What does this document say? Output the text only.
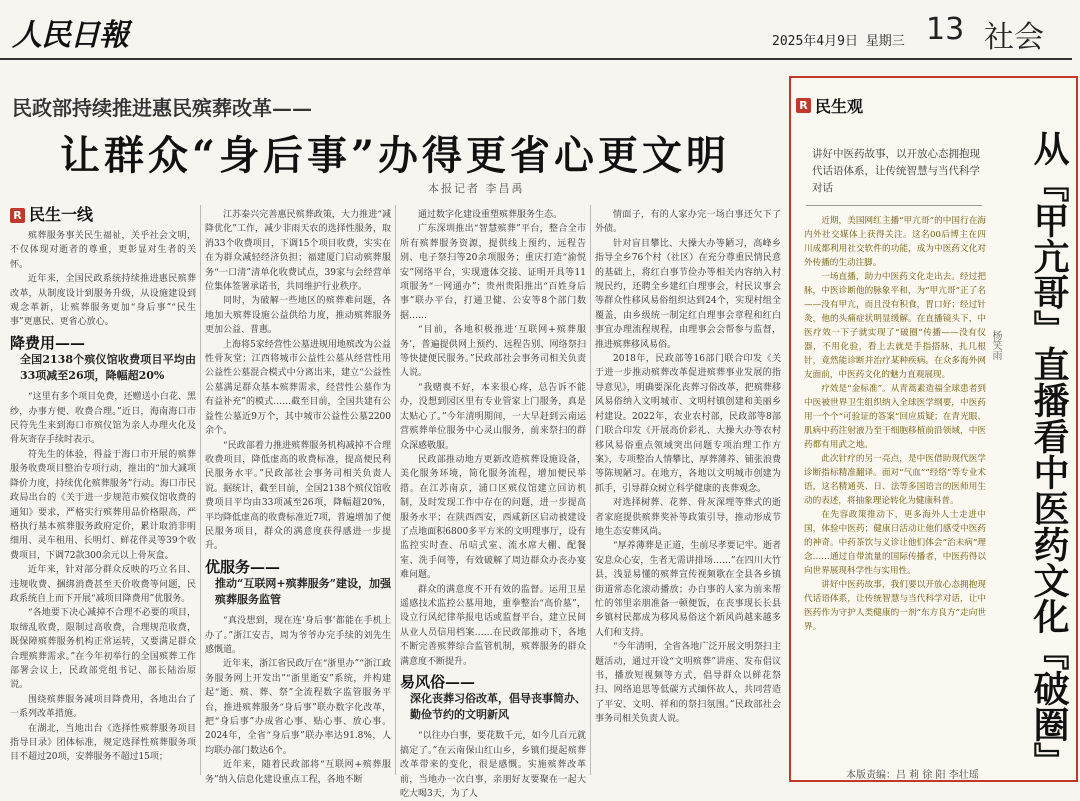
人民日報	2025年4月9日 星期三 13 社会
民政部持续推进惠民殡葬改革——
让群众“身后事”办得更省心更文明
本报记者 李昌禹
R 民生一线

殡葬服务事关民生福祉，关乎社会文明，不仅体现对逝者的尊重，更彰显对生者的关怀。

近年来，全国民政系统持续推进惠民殡葬改革，从制度设计到服务升级，从设施建设到观念革新，让殡葬服务更加“身后事”“民生事”更惠民、更省心放心。

降费用——
全国2138个殡仪馆收费项目平均由33项减至26项，降幅超20%

“这里有多个项目免费，还赠送小白花、黑纱，办事方便、收费合理。”近日，海南海口市民符先生来到海口市殡仪馆为亲人办理火化及骨灰寄存手续时表示。

符先生的体验，得益于海口市开展的殡葬服务收费项目整治专项行动，推出的“加大减项降价力度，持续优化殡葬服务”行动。海口市民政局出台的《关于进一步规范市殡仪馆收费的通知》要求，严格实行殡葬用品价格限高，严格执行基本殡葬服务政府定价，累计取消非明细用、灵车租用、长明灯、鲜花伴灵等39个收费项目，下调72款300余元以上骨灰盒。

近年来，针对部分群众反映的巧立名目、违规收费、捆绑消费甚至天价收费等问题，民政系统自上而下开展“减项目降费用”优服务。

“各地要下决心减掉不合理不必要的项目，取缔乱收费，限制过高收费，合理规范收费，既保障殡葬服务机构正常运转，又要满足群众合理殡葬需求。”在今年初举行的全国殡葬工作部署会议上，民政部党组书记、部长陆治原说。

围绕殡葬服务减项目降费用，各地出台了一系列改革措施。

在湖北，当地出台《选择性殡葬服务项目指导目录》团体标准，规定选择性殡葬服务项目不超过20项，安葬服务不超过15项；

江苏泰兴完善惠民殡葬政策，大力推进“减降优化”工作，减少非雨天农的选择性服务，取消33个收费项目，下调15个项目收费，实实在在为群众减轻经济负担；福建厦门启动殡葬服务“一口清”清单化收费试点，39家与会经营单位集体签署承诺书，共同维护行业秩序。

同时，为破解一些地区的殡葬难问题，各地加大殡葬设施公益供给力度，推动殡葬服务更加公益、普惠。

上海将5家经营性公墓进规用地殡改为公益性骨灰堂；江西将城市公益性公墓从经营性用公益性公墓混合模式中分离出来，建立“公益性公墓满足群众基本殡葬需求，经营性公墓作为有益补充”的模式……截至目前，全国共建有公益性公墓近9万个，其中城市公益性公墓2200余个。

“民政部着力推进殡葬服务机构减掉不合理收费项目，降低虚高的收费标准，提高便民利民服务水平。”民政部社会事务司相关负责人说。据统计，截至目前，全国2138个殡仪馆收费项目平均由33项减至26项，降幅超20%，平均降低虚高的收费标准近7项，普遍增加了便民服务项目，群众的满意度获得感进一步提升。

优服务——
推动“互联网+殡葬服务”建设，加强殡葬服务监管

“真没想到，现在连‘身后事’都能在手机上办了。”浙江安吉，周为爷爷办完手续的刘先生感慨道。

近年来，浙江省民政厅在“浙里办”“浙江政务服务网上开发出”“浙里逝安”系统，并构建起“逝、殡、葬、祭”全流程数字监管服务平台，推进殡葬服务“身后事”联办数字化改革，把“身后事”办成省心事、贴心事、放心事。2024年，全省“身后事”联办率达91.8%，人均联办部门数达6个。

近年来，随着民政部将“互联网+殡葬服务”纳入信息化建设重点工程，各地不断

通过数字化建设重塑殡葬服务生态。

广东深圳推出“智慧殡葬”平台，整合全市所有殡葬服务资源，提供线上预约、远程告别、电子祭扫等20余项服务；重庆打造“渝悦安”网络平台，实现遗体交接、证明开具等11项服务“一网通办”；贵州贵阳推出“百姓身后事”联办平台，打通卫健、公安等8个部门数据……

“目前，各地积极推进‘互联网+殡葬服务’，普遍提供网上预约、远程告别、网络祭扫等快捷便民服务。”民政部社会事务司相关负责人说。

“我赌喪不好，本来很心疼，总告诉不能办，没想到园区里有专业管家上门服务，真是太贴心了。”今年清明期间，一大早赶到云南运营殡葬单位服务中心灵山服务，前来祭扫的群众深感敬服。

民政部推动地方更新改造殡葬设施设备，美化服务环境，简化服务流程，增加便民举措。在江苏南京，浦口区殡仪馆建立回访机制，及时发现工作中存在的问题，进一步提高服务水平；在陕西西安，西咸新区启动被建设了点地面积6800多平方米的文明理事厅，设有监控实时查、吊唁式室、流水席大棚、配餐室、洗手间等，有效破解了周边群众办丧办宴难问题。

群众的满意度不开有效的监督。运用卫星遥感技术监控公墓用地，重拳整治“高价墓”，设立行风纪律举报电话或监督平台，建立民间从业人员信用档案……在民政部推动下，各地不断完善殡葬综合监管机制，殡葬服务的群众满意度不断提升。

易风俗——
深化丧葬习俗改革，倡导丧事简办、勤俭节约的文明新风

“以往办白事，要花数千元，如今几百元就搞定了。”在云南保山红山乡，乡镇们提起殡葬改革带来的变化，很是感慨。实施殡葬改革前，当地办一次白事，亲朋好友要聚在一起大吃大喝3天，为了人

情面子，有的人家办完一场白事还欠下了外债。

针对盲目攀比、大操大办等陋习，高峰乡指导全乡76个村（社区）在充分尊重民情民意的基础上，将红白事节俭办等相关内容纳入村规民约，还聘全乡建红白理事会，村民议事会等群众性移风易俗组织达到24个，实现村组全覆盖，由乡级统一制定红白理事会章程和红白事宜办理流程规程，由理事会会帮参与监督，推进殡葬移风易俗。

2018年，民政部等16部门联合印发《关于进一步推动殡葬改革促进殡葬事业发展的指导意见》，明确要深化丧葬习俗改革，把殡葬移风易俗纳入文明城市、文明村镇创建和美丽乡村建设。2022年，农业农村部，民政部等8部门联合印发《开展高价彩礼、大操大办等农村移风易俗重点领域突出问题专项治理工作方案》，专项整治人情攀比、厚葬薄养、铺张浪费等陈规陋习。在地方，各地以文明城市创建为抓手，引导群众树立科学健康的丧葬观念。

对选择树葬、花葬、骨灰深埋等葬式的逝者家庭提供殡葬奖补等政策引导，推动形成节地生态安葬风尚。

“厚养薄葬是正道，生前尽孝要记牢。逝者安息众心安，生者无需讲排场……”在四川大竹县，浅显易懂的殡葬宣传视频歌在全县各乡镇街道常态化滚动播放；办白事的人家为前来帮忙的邻里亲朋准备一顿便饭，在丧事现长长县乡镇村民都成为移风易俗这个新风尚越来越多人们和支持。

“今年清明，全省各地广泛开展文明祭扫主题活动，通过开设“文明殡葬”讲座、发布倡议书，播放短视频等方式，倡导群众以鲜花祭扫、网络追思等低碳方式缅怀故人，共同营造了平安、文明、祥和的祭扫氛围。”民政部社会事务司相关负责人说。

R 民生观
从『甲亢哥』直播看中医药文化『破圈』
杨笑雨
讲好中医药故事，以开放心态拥抱现代话语体系，让传统智慧与当代科学对话

近期，美国网红主播“甲亢哥”的中国行在海内外社交媒体上获得关注。这名00后博主在四川成都利用社交软件的功能，成为中医药文化对外传播的生动注脚。

一场直播，助力中医药文化走出去。经过把脉，中医诊断他的脉象平和，为“甲亢哥”正了名——没有甲亢，而且没有积食，胃口好；经过针灸，他的头痛症状明显缓解。在直播镜头下，中医疗效一下子就实现了“破圈”传播——没有仪器，不用化验，看上去就是手指搭脉，扎几根针，竟然能诊断并治疗某种疾病。在众多海外网友面前，中医药文化的魅力直观展现。

疗效是“金标准”。从青蒿素造福全球患者到中医被世界卫生组织纳入全球医学纲要，中医药用一个个“可验证的答案”回应质疑；在青光眼、肌病中药注射液乃至干细胞移植前沿领域，中医药都有用武之地。

此次针疗的另一亮点，是中医借助现代医学诊断指标精准翻译。面对“气血”“经络”等专业术语，这名精通英、日、法等多国语言的医师用生动的表述，将抽象理论转化为健康科普。

在先容政策推动下，更多海外人士走进中国，体验中医药；健康日活动让他们感受中医药的神奇。中药茶饮与义诊让他们体会“治未病”理念……通过自带流量的国际传播者，中医药得以向世界展现科学性与实用性。

讲好中医药故事，我们要以开放心态拥抱现代话语体系，让传统智慧与当代科学对话，让中医药作为守护人类健康的一剂“东方良方”走向世界。

本版责编：吕 莉 徐 阳 李壮瑶
